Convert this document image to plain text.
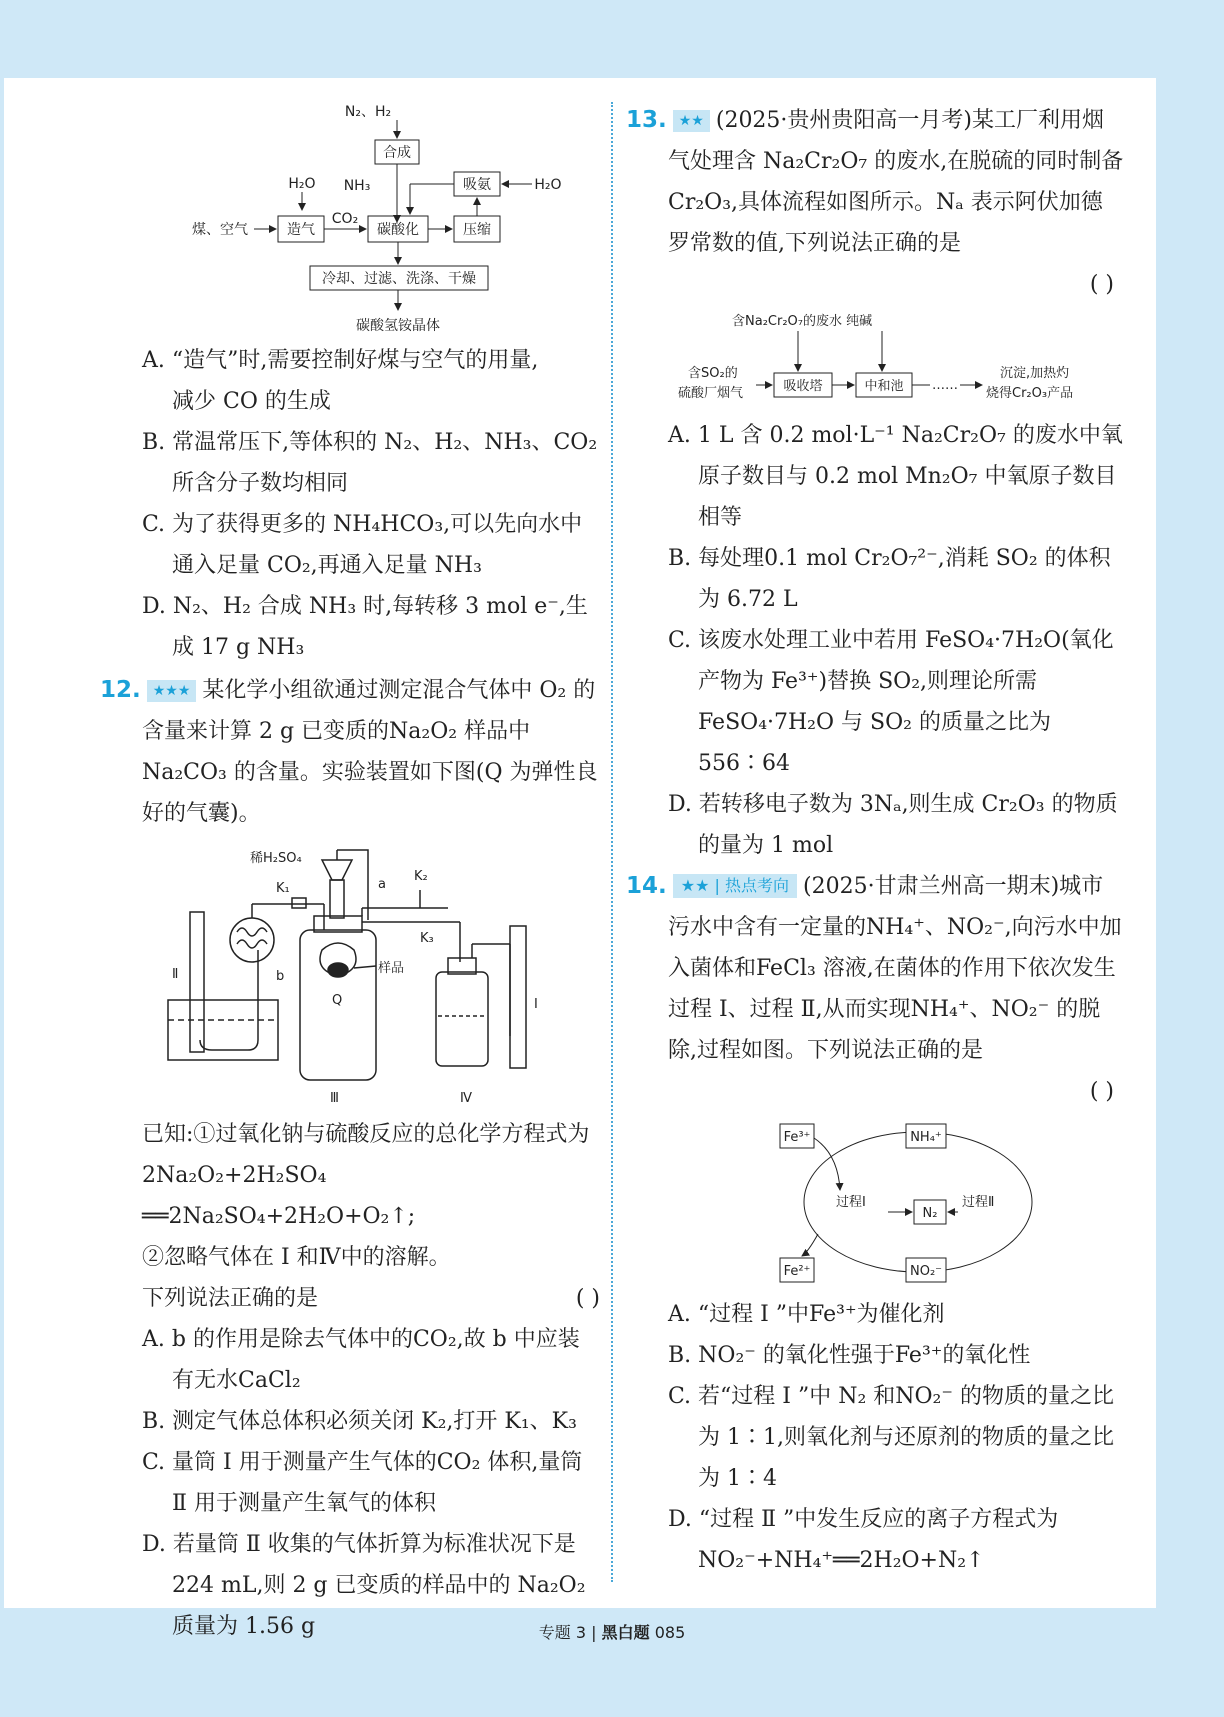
N₂、H₂
合成
NH₃
H₂O
煤、空气	造气
CO₂
碳酸化	压缩
吸氨	H₂O
冷却、过滤、洗涤、干燥
碳酸氢铵晶体

A. “造气”时,需要控制好煤与空气的用量,
减少 CO 的生成

B. 常温常压下,等体积的 N₂、H₂、NH₃、CO₂ 所含分子数均相同

C. 为了获得更多的 NH₄HCO₃,可以先向水中通入足量 CO₂,再通入足量 NH₃

D. N₂、H₂ 合成 NH₃ 时,每转移 3 mol e⁻,生成 17 g NH₃

12. ★★★ 某化学小组欲通过测定混合气体中 O₂ 的含量来计算 2 g 已变质的Na₂O₂ 样品中 Na₂CO₃ 的含量。实验装置如下图(Q 为弹性良好的气囊)。

Ⅱ	b
K₁
稀H₂SO₄
a
样品
Q
Ⅲ
K₂
K₃
Ⅳ
Ⅰ

已知:①过氧化钠与硫酸反应的总化学方程式为 2Na₂O₂+2H₂SO₄ ══2Na₂SO₄+2H₂O+O₂↑;

②忽略气体在 Ⅰ 和Ⅳ中的溶解。

下列说法正确的是	( )

A. b 的作用是除去气体中的CO₂,故 b 中应装有无水CaCl₂

B. 测定气体总体积必须关闭 K₂,打开 K₁、K₃

C. 量筒 Ⅰ 用于测量产生气体的CO₂ 体积,量筒 Ⅱ 用于测量产生氧气的体积

D. 若量筒 Ⅱ 收集的气体折算为标准状况下是 224 mL,则 2 g 已变质的样品中的 Na₂O₂ 质量为 1.56 g

13. ★★ (2025·贵州贵阳高一月考)某工厂利用烟气处理含 Na₂Cr₂O₇ 的废水,在脱硫的同时制备 Cr₂O₃,具体流程如图所示。Nₐ 表示阿伏加德罗常数的值,下列说法正确的是

( )

含Na₂Cr₂O₇的废水 纯碱
含SO₂的
硫酸厂烟气	吸收塔	中和池 ……
沉淀,加热灼
烧得Cr₂O₃产品

A. 1 L 含 0.2 mol·L⁻¹ Na₂Cr₂O₇ 的废水中氧原子数目与 0.2 mol Mn₂O₇ 中氧原子数目相等

B. 每处理0.1 mol Cr₂O₇²⁻,消耗 SO₂ 的体积为 6.72 L

C. 该废水处理工业中若用 FeSO₄·7H₂O(氧化产物为 Fe³⁺)替换 SO₂,则理论所需 FeSO₄·7H₂O 与 SO₂ 的质量之比为 556∶64

D. 若转移电子数为 3Nₐ,则生成 Cr₂O₃ 的物质的量为 1 mol

14. ★★ | 热点考向 (2025·甘肃兰州高一期末)城市污水中含有一定量的NH₄⁺、NO₂⁻,向污水中加入菌体和FeCl₃ 溶液,在菌体的作用下依次发生过程 Ⅰ、过程 Ⅱ,从而实现NH₄⁺、NO₂⁻ 的脱除,过程如图。下列说法正确的是

( )

Fe³⁺	NH₄⁺
过程Ⅰ
N₂
过程Ⅱ
Fe²⁺	NO₂⁻

A. “过程 Ⅰ ”中Fe³⁺为催化剂

B. NO₂⁻ 的氧化性强于Fe³⁺的氧化性

C. 若“过程 Ⅰ ”中 N₂ 和NO₂⁻ 的物质的量之比为 1∶1,则氧化剂与还原剂的物质的量之比为 1∶4

D. “过程 Ⅱ ”中发生反应的离子方程式为 NO₂⁻+NH₄⁺══2H₂O+N₂↑

专题 3 | 黑白题 085
